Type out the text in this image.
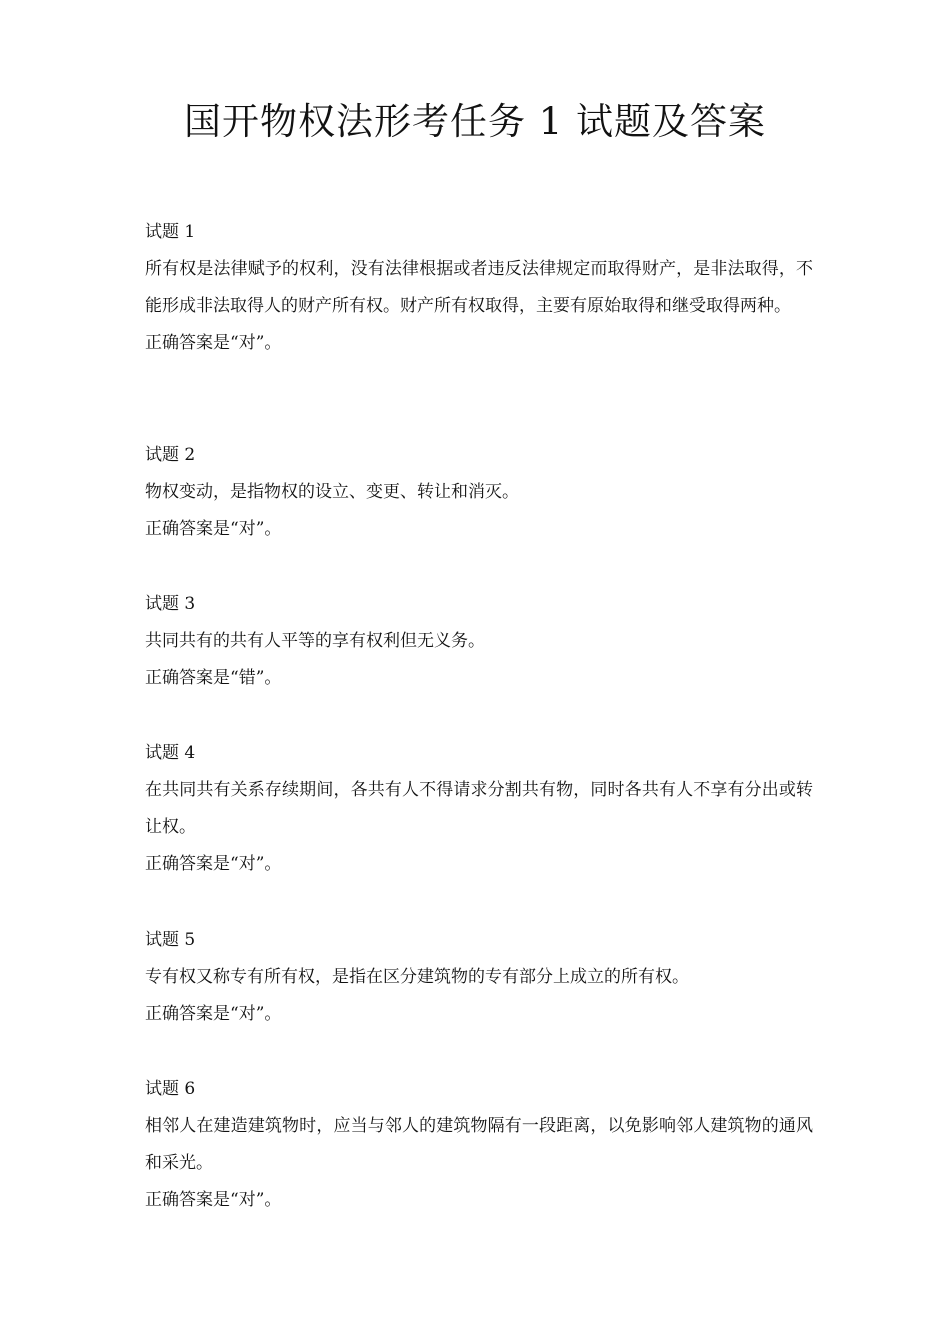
国开物权法形考任务 1 试题及答案
试题 1
所有权是法律赋予的权利，没有法律根据或者违反法律规定而取得财产，是非法取得，不能形成非法取得人的财产所有权。财产所有权取得，主要有原始取得和继受取得两种。
正确答案是“对”。
试题 2
物权变动，是指物权的设立、变更、转让和消灭。
正确答案是“对”。
试题 3
共同共有的共有人平等的享有权利但无义务。
正确答案是“错”。
试题 4
在共同共有关系存续期间，各共有人不得请求分割共有物，同时各共有人不享有分出或转让权。
正确答案是“对”。
试题 5
专有权又称专有所有权，是指在区分建筑物的专有部分上成立的所有权。
正确答案是“对”。
试题 6
相邻人在建造建筑物时，应当与邻人的建筑物隔有一段距离，以免影响邻人建筑物的通风和采光。
正确答案是“对”。
